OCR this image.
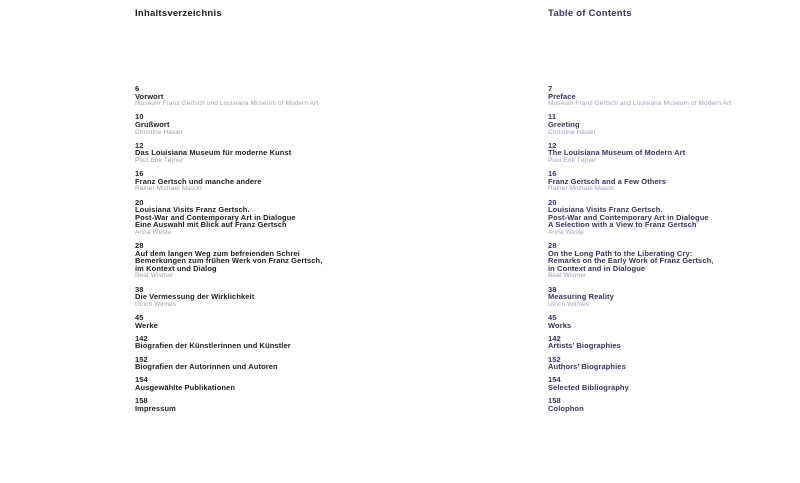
Inhaltsverzeichnis
6
Vorwort
Museum Franz Gertsch und Louisiana Museum of Modern Art
10
Grußwort
Christine Häsler
12
Das Louisiana Museum für moderne Kunst
Poul Erik Tøjner
16
Franz Gertsch und manche andere
Rainer Michael Mason
20
Louisiana Visits Franz Gertsch.
Post-War and Contemporary Art in Dialogue
Eine Auswahl mit Blick auf Franz Gertsch
Anna Wesle
28
Auf dem langen Weg zum befreienden Schrei
Bemerkungen zum frühen Werk von Franz Gertsch,
im Kontext und Dialog
Beat Wismer
38
Die Vermessung der Wirklichkeit
Ulrich Wilmes
45
Werke
142
Biografien der Künstlerinnen und Künstler
152
Biografien der Autorinnen und Autoren
154
Ausgewählte Publikationen
158
Impressum
Table of Contents
7
Preface
Museum Franz Gertsch and Louisiana Museum of Modern Art
11
Greeting
Christine Häsler
12
The Louisiana Museum of Modern Art
Poul Erik Tøjner
16
Franz Gertsch and a Few Others
Rainer Michael Mason
20
Louisiana Visits Franz Gertsch.
Post-War and Contemporary Art in Dialogue
A Selection with a View to Franz Gertsch
Anna Wesle
28
On the Long Path to the Liberating Cry:
Remarks on the Early Work of Franz Gertsch,
in Context and in Dialogue
Beat Wismer
38
Measuring Reality
Ulrich Wilmes
45
Works
142
Artists’ Biographies
152
Authors’ Biographies
154
Selected Bibliography
158
Colophon
